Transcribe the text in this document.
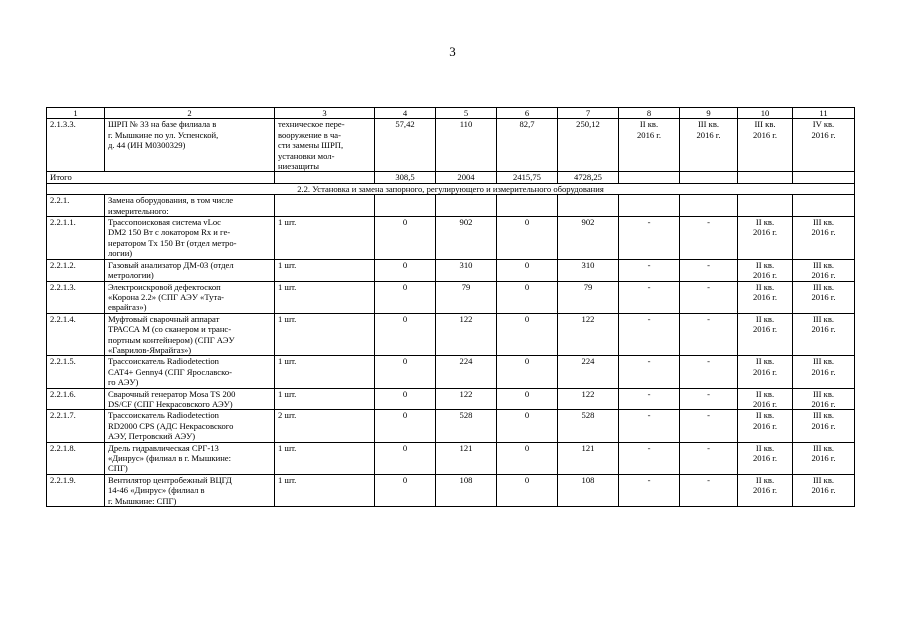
3
1	2	3	4	5	6	7	8	9	10	11
2.1.3.3.	ШРП № 33 на базе филиала в
г. Мышкине по ул. Успенской,
д. 44 (ИН М0300329)	техническое пере-
вооружение в ча-
сти замены ШРП,
установки мол-
ниезащиты	57,42	110	82,7	250,12	II кв.
2016 г.	III кв.
2016 г.	III кв.
2016 г.	IV кв.
2016 г.
Итого			308,5	2004	2415,75	4728,25				
2.2. Установка и замена запорного, регулирующего и измерительного оборудования										
2.2.1.	Замена оборудования, в том числе
измерительного:									
2.2.1.1.	Трассопоисковая система vLoc
DM2 150 Вт с локатором Rx и ге-
нератором Tx 150 Вт (отдел метро-
логии)	1 шт.	0	902	0	902	-	-	II кв.
2016 г.	III кв.
2016 г.
2.2.1.2.	Газовый анализатор ДМ-03 (отдел
метрологии)	1 шт.	0	310	0	310	-	-	II кв.
2016 г.	III кв.
2016 г.
2.2.1.3.	Электроискровой дефектоскоп
«Корона 2.2» (СПГ АЭУ «Тута-
еврайгаз»)	1 шт.	0	79	0	79	-	-	II кв.
2016 г.	III кв.
2016 г.
2.2.1.4.	Муфтовый сварочный аппарат
ТРАССА М (со сканером и транс-
портным контейнером) (СПГ АЭУ
«Гаврилов-Ямрайгаз»)	1 шт.	0	122	0	122	-	-	II кв.
2016 г.	III кв.
2016 г.
2.2.1.5.	Трассоискатель Radiodetection
CAT4+ Genny4 (СПГ Ярославско-
го АЭУ)	1 шт.	0	224	0	224	-	-	II кв.
2016 г.	III кв.
2016 г.
2.2.1.6.	Сварочный генератор Mosa TS 200
DS/CF (СПГ Некрасовского АЭУ)	1 шт.	0	122	0	122	-	-	II кв.
2016 г.	III кв.
2016 г.
2.2.1.7.	Трассоискатель Radiodetection
RD2000 CPS (АДС Некрасовского
АЭУ, Петровский АЭУ)	2 шт.	0	528	0	528	-	-	II кв.
2016 г.	III кв.
2016 г.
2.2.1.8.	Дрель гидравлическая СРГ-13
«Динрус» (филиал в г. Мышкине:
СПГ)	1 шт.	0	121	0	121	-	-	II кв.
2016 г.	III кв.
2016 г.
2.2.1.9.	Вентилятор центробежный ВЦГД
14-46 «Динрус» (филиал в
г. Мышкине: СПГ)	1 шт.	0	108	0	108	-	-	II кв.
2016 г.	III кв.
2016 г.
